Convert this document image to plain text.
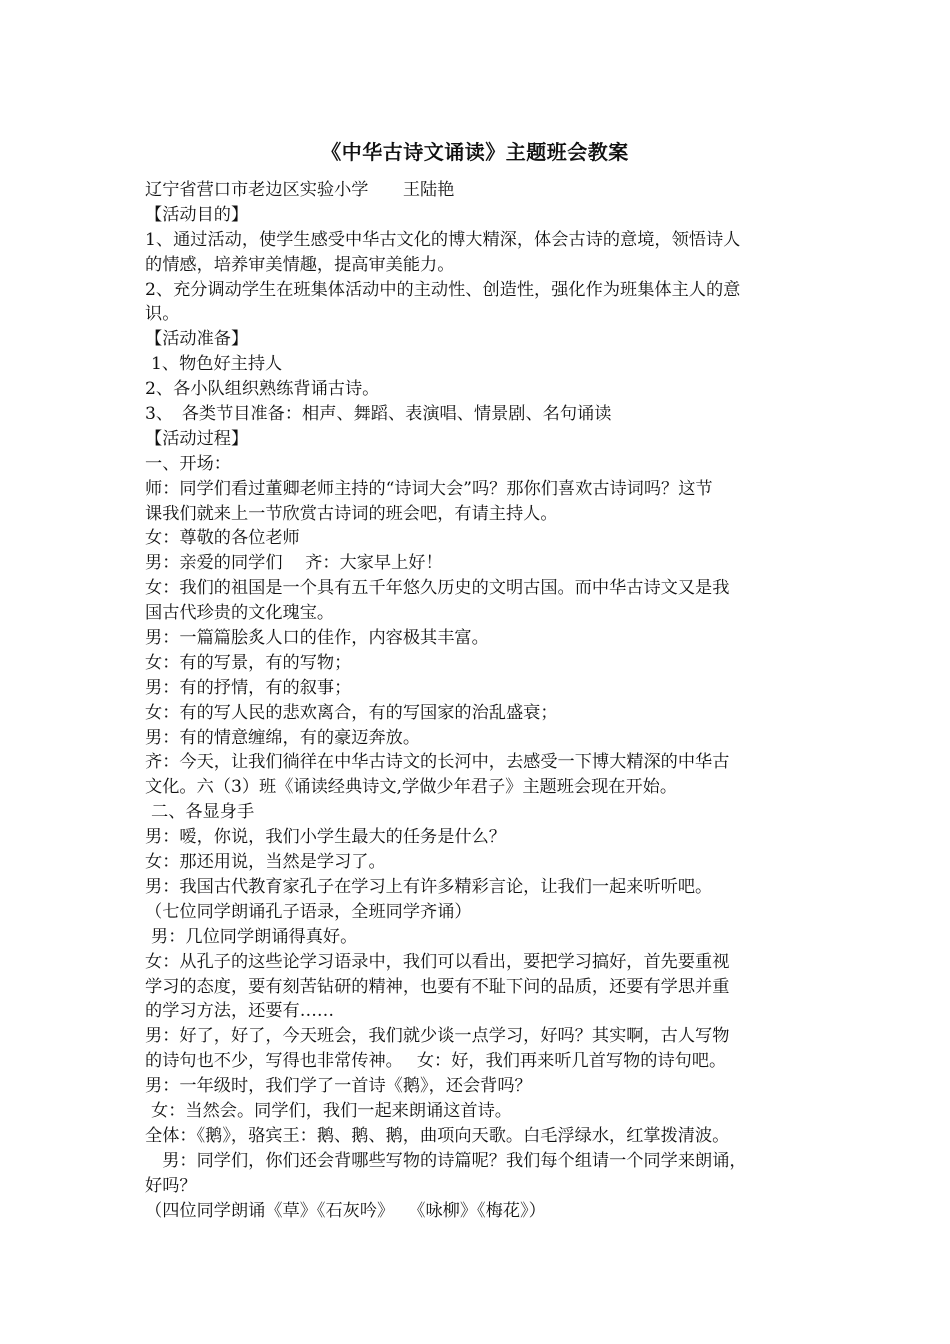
《中华古诗文诵读》主题班会教案
辽宁省营口市老边区实验小学　　王陆艳
【活动目的】
1、通过活动，使学生感受中华古文化的博大精深，体会古诗的意境，领悟诗人
的情感，培养审美情趣，提高审美能力。
2、充分调动学生在班集体活动中的主动性、创造性，强化作为班集体主人的意
识。
【活动准备】
1、物色好主持人
2、各小队组织熟练背诵古诗。
3、　各类节目准备：相声、舞蹈、表演唱、情景剧、名句诵读
【活动过程】
一、开场：
师：同学们看过董卿老师主持的“诗词大会”吗？那你们喜欢古诗词吗？这节
课我们就来上一节欣赏古诗词的班会吧，有请主持人。
女：尊敬的各位老师
男：亲爱的同学们　 齐：大家早上好！
女：我们的祖国是一个具有五千年悠久历史的文明古国。而中华古诗文又是我
国古代珍贵的文化瑰宝。
男：一篇篇脍炙人口的佳作，内容极其丰富。
女：有的写景，有的写物；
男：有的抒情，有的叙事；
女：有的写人民的悲欢离合，有的写国家的治乱盛衰；
男：有的情意缠绵，有的豪迈奔放。
齐：今天，让我们徜徉在中华古诗文的长河中，去感受一下博大精深的中华古
文化。六（3）班《诵读经典诗文,学做少年君子》主题班会现在开始。
二、各显身手
男：嗳，你说，我们小学生最大的任务是什么？
女：那还用说，当然是学习了。
男：我国古代教育家孔子在学习上有许多精彩言论，让我们一起来听听吧。
（七位同学朗诵孔子语录，全班同学齐诵）
男：几位同学朗诵得真好。
女：从孔子的这些论学习语录中，我们可以看出，要把学习搞好，首先要重视
学习的态度，要有刻苦钻研的精神，也要有不耻下问的品质，还要有学思并重
的学习方法，还要有……
男：好了，好了，今天班会，我们就少谈一点学习，好吗？其实啊，古人写物
的诗句也不少，写得也非常传神。　 女：好，我们再来听几首写物的诗句吧。
男：一年级时，我们学了一首诗《鹅》，还会背吗？
女：当然会。同学们，我们一起来朗诵这首诗。
全体：《鹅》，骆宾王：鹅、鹅、鹅，曲项向天歌。白毛浮绿水，红掌拨清波。
　男：同学们，你们还会背哪些写物的诗篇呢？我们每个组请一个同学来朗诵，
好吗？
（四位同学朗诵《草》《石灰吟》　 《咏柳》《梅花》）
